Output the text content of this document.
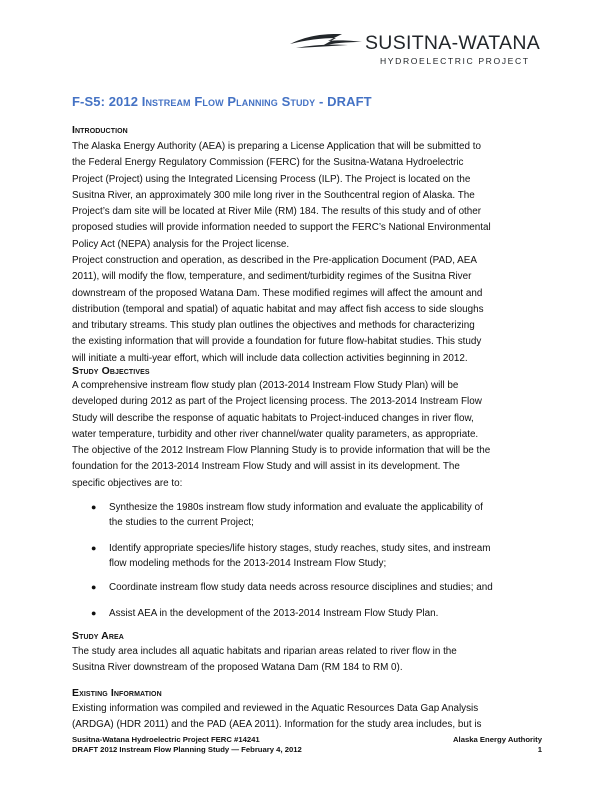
SUSITNA-WATANA
HYDROELECTRIC PROJECT
F-S5: 2012 Instream Flow Planning Study - DRAFT
Introduction
The Alaska Energy Authority (AEA) is preparing a License Application that will be submitted to
the Federal Energy Regulatory Commission (FERC) for the Susitna-Watana Hydroelectric
Project (Project) using the Integrated Licensing Process (ILP). The Project is located on the
Susitna River, an approximately 300 mile long river in the Southcentral region of Alaska. The
Project’s dam site will be located at River Mile (RM) 184. The results of this study and of other
proposed studies will provide information needed to support the FERC’s National Environmental
Policy Act (NEPA) analysis for the Project license.
Project construction and operation, as described in the Pre-application Document (PAD, AEA
2011), will modify the flow, temperature, and sediment/turbidity regimes of the Susitna River
downstream of the proposed Watana Dam. These modified regimes will affect the amount and
distribution (temporal and spatial) of aquatic habitat and may affect fish access to side sloughs
and tributary streams. This study plan outlines the objectives and methods for characterizing
the existing information that will provide a foundation for future flow-habitat studies. This study
will initiate a multi-year effort, which will include data collection activities beginning in 2012.
Study Objectives
A comprehensive instream flow study plan (2013-2014 Instream Flow Study Plan) will be
developed during 2012 as part of the Project licensing process. The 2013-2014 Instream Flow
Study will describe the response of aquatic habitats to Project-induced changes in river flow,
water temperature, turbidity and other river channel/water quality parameters, as appropriate.
The objective of the 2012 Instream Flow Planning Study is to provide information that will be the
foundation for the 2013-2014 Instream Flow Study and will assist in its development. The
specific objectives are to:
● Synthesize the 1980s instream flow study information and evaluate the applicability of
the studies to the current Project;
● Identify appropriate species/life history stages, study reaches, study sites, and instream
flow modeling methods for the 2013-2014 Instream Flow Study;
● Coordinate instream flow study data needs across resource disciplines and studies; and
● Assist AEA in the development of the 2013-2014 Instream Flow Study Plan.
Study Area
The study area includes all aquatic habitats and riparian areas related to river flow in the
Susitna River downstream of the proposed Watana Dam (RM 184 to RM 0).
Existing Information
Existing information was compiled and reviewed in the Aquatic Resources Data Gap Analysis
(ARDGA) (HDR 2011) and the PAD (AEA 2011). Information for the study area includes, but is
Susitna-Watana Hydroelectric Project FERC #14241	Alaska Energy Authority
DRAFT 2012 Instream Flow Planning Study — February 4, 2012	1
